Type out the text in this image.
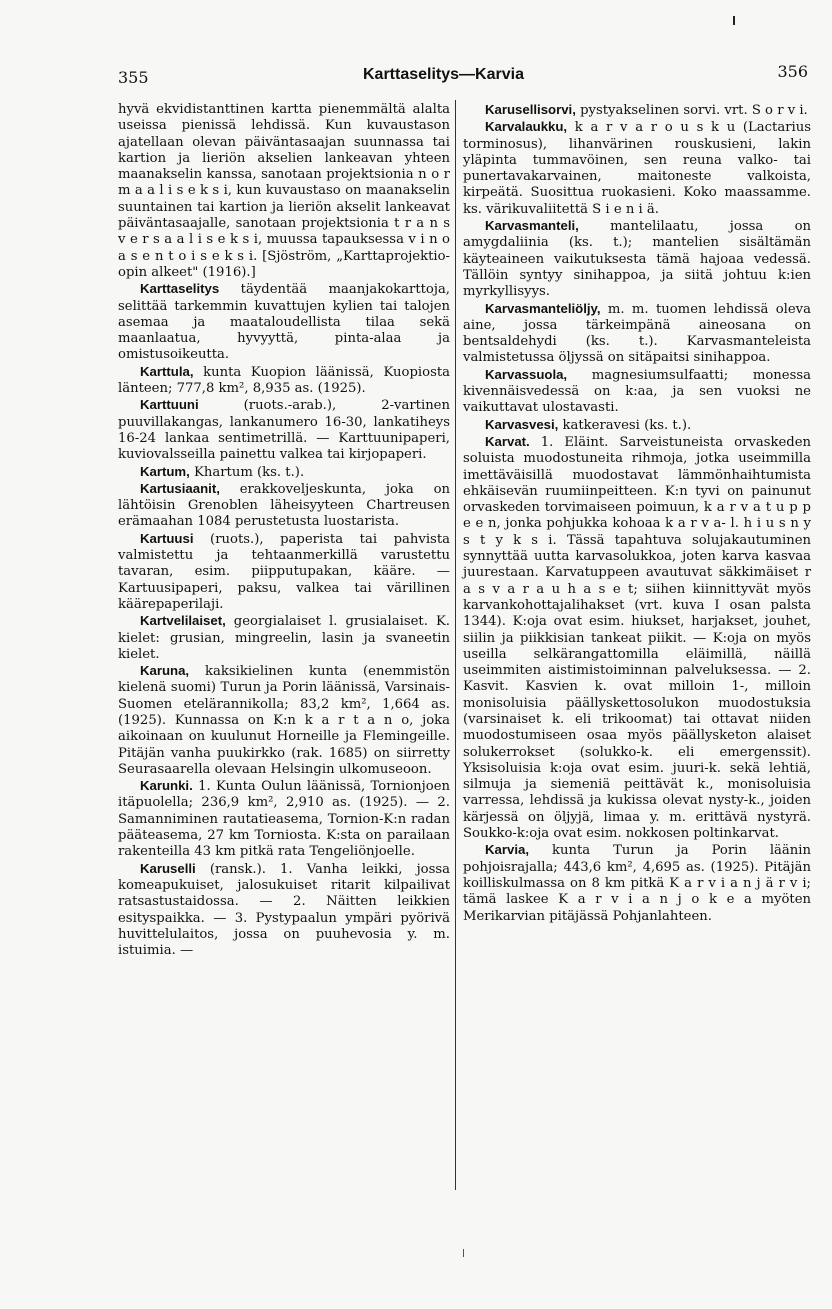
355	Karttaselitys—Karvia	356

hyvä ekvidistanttinen kartta pienemmältä alalta useissa pienissä lehdissä. Kun kuvaustason ajatellaan olevan päiväntasaajan suunnassa tai kartion ja lieriön akselien lankeavan yhteen maanakselin kanssa, sanotaan projektsionia n o r m a a l i s e k s i, kun kuvaustaso on maanakselin suuntainen tai kartion ja lieriön akselit lankeavat päiväntasaajalle, sanotaan projektsionia t r a n s v e r s a a l i s e k s i, muussa tapauksessa v i n o a s e n t o i s e k s i. [Sjöström, „Karttaprojektio-opin alkeet" (1916).]

Karttaselitys täydentää maanjakokarttoja, selittää tarkemmin kuvattujen kylien tai talojen asemaa ja maataloudellista tilaa sekä maanlaatua, hyvyyttä, pinta-alaa ja omistusoikeutta.

Karttula, kunta Kuopion läänissä, Kuopiosta länteen; 777,8 km², 8,935 as. (1925).

Karttuuni (ruots.-arab.), 2-vartinen puuvillakangas, lankanumero 16-30, lankatiheys 16-24 lankaa sentimetrillä. — Karttuunipaperi, kuviovalsseilla painettu valkea tai kirjopaperi.

Kartum, Khartum (ks. t.).

Kartusiaanit, erakkoveljeskunta, joka on lähtöisin Grenoblen läheisyyteen Chartreusen erämaahan 1084 perustetusta luostarista.

Kartuusi (ruots.), paperista tai pahvista valmistettu ja tehtaanmerkillä varustettu tavaran, esim. piipputupakan, kääre. — Kartuusipaperi, paksu, valkea tai värillinen käärepaperilaji.

Kartvelilaiset, georgialaiset l. grusialaiset. K. kielet: grusian, mingreelin, lasin ja svaneetin kielet.

Karuna, kaksikielinen kunta (enemmistön kielenä suomi) Turun ja Porin läänissä, Varsinais-Suomen etelärannikolla; 83,2 km², 1,664 as. (1925). Kunnassa on K:n k a r t a n o, joka aikoinaan on kuulunut Horneille ja Flemingeille. Pitäjän vanha puukirkko (rak. 1685) on siirretty Seurasaarella olevaan Helsingin ulkomuseoon.

Karunki. 1. Kunta Oulun läänissä, Tornionjoen itäpuolella; 236,9 km², 2,910 as. (1925). — 2. Samanniminen rautatieasema, Tornion-K:n radan pääteasema, 27 km Torniosta. K:sta on parailaan rakenteilla 43 km pitkä rata Tengeliönjoelle.

Karuselli (ransk.). 1. Vanha leikki, jossa komeapukuiset, jalosukuiset ritarit kilpailivat ratsastustaidossa. — 2. Näitten leikkien esityspaikka. — 3. Pystypaalun ympäri pyörivä huvittelulaitos, jossa on puuhevosia y. m. istuimia. —

Karusellisorvi, pystyakselinen sorvi. vrt. S o r v i.

Karvalaukku, k a r v a r o u s k u (Lactarius torminosus), lihanvärinen rouskusieni, lakin yläpinta tummavöinen, sen reuna valko- tai punertavakarvainen, maitoneste valkoista, kirpeätä. Suosittua ruokasieni. Koko maassamme. ks. värikuvaliitettä S i e n i ä.

Karvasmanteli, mantelilaatu, jossa on amygdaliinia (ks. t.); mantelien sisältämän käyteaineen vaikutuksesta tämä hajoaa vedessä. Tällöin syntyy sinihappoa, ja siitä johtuu k:ien myrkyllisyys.

Karvasmanteliöljy, m. m. tuomen lehdissä oleva aine, jossa tärkeimpänä aineosana on bentsaldehydi (ks. t.). Karvasmanteleista valmistetussa öljyssä on sitäpaitsi sinihappoa.

Karvassuola, magnesiumsulfaatti; monessa kivennäisvedessä on k:aa, ja sen vuoksi ne vaikuttavat ulostavasti.

Karvasvesi, katkeravesi (ks. t.).

Karvat. 1. Eläint. Sarveistuneista orvaskeden soluista muodostuneita rihmoja, jotka useimmilla imettäväisillä muodostavat lämmönhaihtumista ehkäisevän ruumiinpeitteen. K:n tyvi on painunut orvaskeden torvimaiseen poimuun, k a r v a t u p p e e n, jonka pohjukka kohoaa k a r v a- l. h i u s n y s t y k s i. Tässä tapahtuva solujakautuminen synnyttää uutta karvasolukkoa, joten karva kasvaa juurestaan. Karvatuppeen avautuvat säkkimäiset r a s v a r a u h a s e t; siihen kiinnittyvät myös karvankohottajalihakset (vrt. kuva I osan palsta 1344). K:oja ovat esim. hiukset, harjakset, jouhet, siilin ja piikkisian tankeat piikit. — K:oja on myös useilla selkärangattomilla eläimillä, näillä useimmiten aistimistoiminnan palveluksessa. — 2. Kasvit. Kasvien k. ovat milloin 1-, milloin monisoluisia päällyskettosolukon muodostuksia (varsinaiset k. eli trikoomat) tai ottavat niiden muodostumiseen osaa myös päällysketon alaiset solukerrokset (solukko-k. eli emergenssit). Yksisoluisia k:oja ovat esim. juuri-k. sekä lehtiä, silmuja ja siemeniä peittävät k., monisoluisia varressa, lehdissä ja kukissa olevat nysty-k., joiden kärjessä on öljyjä, limaa y. m. erittävä nystyrä. Soukko-k:oja ovat esim. nokkosen poltinkarvat.

Karvia, kunta Turun ja Porin läänin pohjoisrajalla; 443,6 km², 4,695 as. (1925). Pitäjän koilliskulmassa on 8 km pitkä K a r v i a n j ä r v i; tämä laskee K a r v i a n j o k e a myöten Merikarvian pitäjässä Pohjanlahteen.
